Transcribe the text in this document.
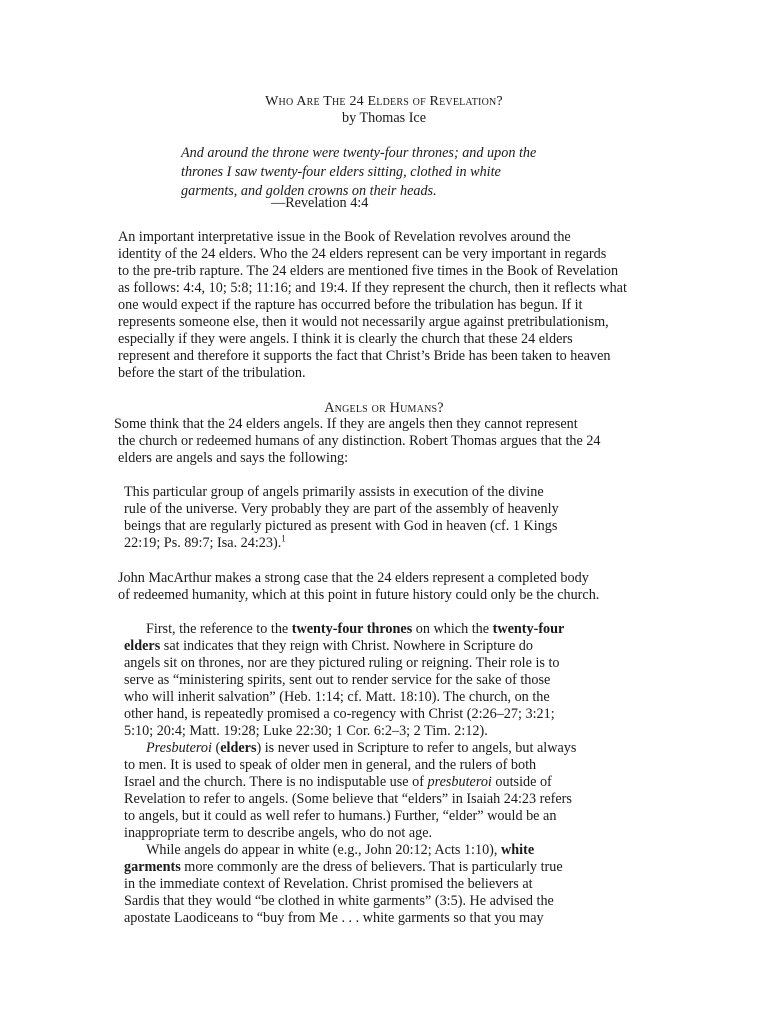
Who Are The 24 Elders of Revelation?
by Thomas Ice
And around the throne were twenty-four thrones; and upon the
thrones I saw twenty-four elders sitting, clothed in white
garments, and golden crowns on their heads.
—Revelation 4:4
An important interpretative issue in the Book of Revelation revolves around the
identity of the 24 elders. Who the 24 elders represent can be very important in regards
to the pre-trib rapture. The 24 elders are mentioned five times in the Book of Revelation
as follows: 4:4, 10; 5:8; 11:16; and 19:4. If they represent the church, then it reflects what
one would expect if the rapture has occurred before the tribulation has begun. If it
represents someone else, then it would not necessarily argue against pretribulationism,
especially if they were angels. I think it is clearly the church that these 24 elders
represent and therefore it supports the fact that Christ’s Bride has been taken to heaven
before the start of the tribulation.
Angels or Humans?
Some think that the 24 elders angels. If they are angels then they cannot represent
the church or redeemed humans of any distinction. Robert Thomas argues that the 24
elders are angels and says the following:
This particular group of angels primarily assists in execution of the divine
rule of the universe. Very probably they are part of the assembly of heavenly
beings that are regularly pictured as present with God in heaven (cf. 1 Kings
22:19; Ps. 89:7; Isa. 24:23).$^1$
John MacArthur makes a strong case that the 24 elders represent a completed body
of redeemed humanity, which at this point in future history could only be the church.
First, the reference to the twenty-four thrones on which the twenty-four
elders sat indicates that they reign with Christ. Nowhere in Scripture do
angels sit on thrones, nor are they pictured ruling or reigning. Their role is to
serve as “ministering spirits, sent out to render service for the sake of those
who will inherit salvation” (Heb. 1:14; cf. Matt. 18:10). The church, on the
other hand, is repeatedly promised a co-regency with Christ (2:26–27; 3:21;
5:10; 20:4; Matt. 19:28; Luke 22:30; 1 Cor. 6:2–3; 2 Tim. 2:12).
Presbuteroi (elders) is never used in Scripture to refer to angels, but always
to men. It is used to speak of older men in general, and the rulers of both
Israel and the church. There is no indisputable use of presbuteroi outside of
Revelation to refer to angels. (Some believe that “elders” in Isaiah 24:23 refers
to angels, but it could as well refer to humans.) Further, “elder” would be an
inappropriate term to describe angels, who do not age.
While angels do appear in white (e.g., John 20:12; Acts 1:10), white
garments more commonly are the dress of believers. That is particularly true
in the immediate context of Revelation. Christ promised the believers at
Sardis that they would “be clothed in white garments” (3:5). He advised the
apostate Laodiceans to “buy from Me . . . white garments so that you may
